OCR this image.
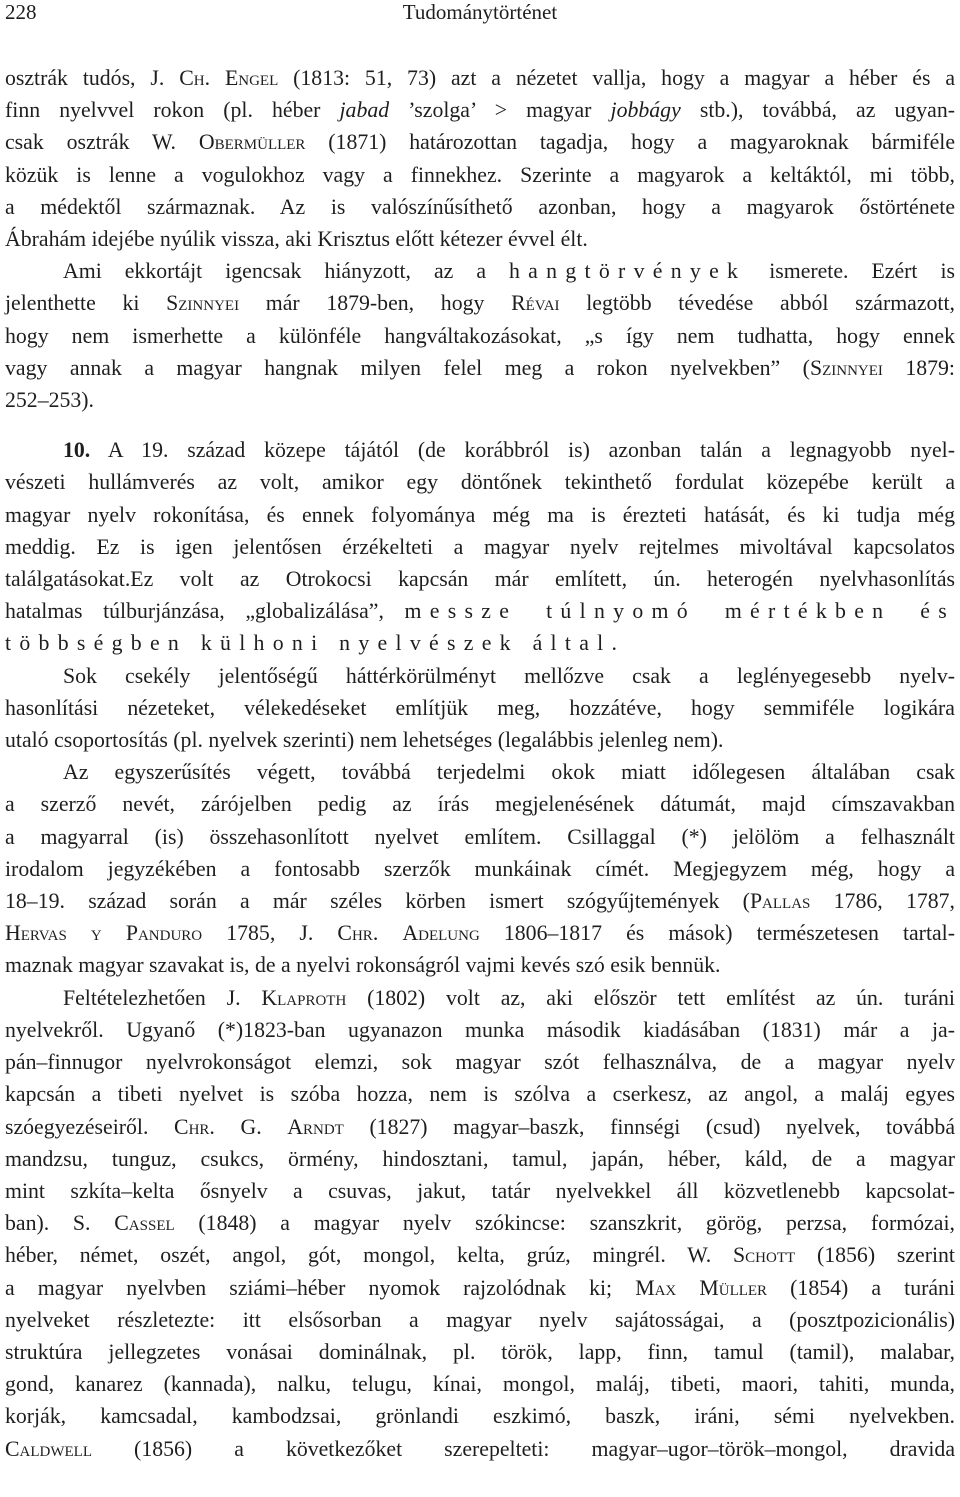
228	Tudománytörténet
osztrák tudós, J. Ch. Engel (1813: 51, 73) azt a nézetet vallja, hogy a magyar a héber és a
finn nyelvvel rokon (pl. héber jabad ’szolga’ > magyar jobbágy stb.), továbbá, az ugyan-
csak osztrák W. Obermüller (1871) határozottan tagadja, hogy a magyaroknak bármiféle
közük is lenne a vogulokhoz vagy a finnekhez. Szerinte a magyarok a keltáktól, mi több,
a médektől származnak. Az is valószínűsíthető azonban, hogy a magyarok őstörténete
Ábrahám idejébe nyúlik vissza, aki Krisztus előtt kétezer évvel élt.
Ami ekkortájt igencsak hiányzott, az a hangtörvények ismerete. Ezért is
jelenthette ki Szinnyei már 1879-ben, hogy Révai legtöbb tévedése abból származott,
hogy nem ismerhette a különféle hangváltakozásokat, „s így nem tudhatta, hogy ennek
vagy annak a magyar hangnak milyen felel meg a rokon nyelvekben” (Szinnyei 1879:
252–253).
10. A 19. század közepe tájától (de korábbról is) azonban talán a legnagyobb nyel-
vészeti hullámverés az volt, amikor egy döntőnek tekinthető fordulat közepébe került a
magyar nyelv rokonítása, és ennek folyománya még ma is érezteti hatását, és ki tudja még
meddig. Ez is igen jelentősen érzékelteti a magyar nyelv rejtelmes mivoltával kapcsolatos
találgatásokat.Ez volt az Otrokocsi kapcsán már említett, ún. heterogén nyelvhasonlítás
hatalmas túlburjánzása, „globalizálása”, messze túlnyomó mértékben és
többségben külhoni nyelvészek által.
Sok csekély jelentőségű háttérkörülményt mellőzve csak a leglényegesebb nyelv-
hasonlítási nézeteket, vélekedéseket említjük meg, hozzátéve, hogy semmiféle logikára
utaló csoportosítás (pl. nyelvek szerinti) nem lehetséges (legalábbis jelenleg nem).
Az egyszerűsítés végett, továbbá terjedelmi okok miatt időlegesen általában csak
a szerző nevét, zárójelben pedig az írás megjelenésének dátumát, majd címszavakban
a magyarral (is) összehasonlított nyelvet említem. Csillaggal (*) jelölöm a felhasznált
irodalom jegyzékében a fontosabb szerzők munkáinak címét. Megjegyzem még, hogy a
18–19. század során a már széles körben ismert szógyűjtemények (Pallas 1786, 1787,
Hervas y Panduro 1785, J. Chr. Adelung 1806–1817 és mások) természetesen tartal-
maznak magyar szavakat is, de a nyelvi rokonságról vajmi kevés szó esik bennük.
Feltételezhetően J. Klaproth (1802) volt az, aki először tett említést az ún. turáni
nyelvekről. Ugyanő (*)1823-ban ugyanazon munka második kiadásában (1831) már a ja-
pán–finnugor nyelvrokonságot elemzi, sok magyar szót felhasználva, de a magyar nyelv
kapcsán a tibeti nyelvet is szóba hozza, nem is szólva a cserkesz, az angol, a maláj egyes
szóegyezéseiről. Chr. G. Arndt (1827) magyar–baszk, finnségi (csud) nyelvek, továbbá
mandzsu, tunguz, csukcs, örmény, hindosztani, tamul, japán, héber, káld, de a magyar
mint szkíta–kelta ősnyelv a csuvas, jakut, tatár nyelvekkel áll közvetlenebb kapcsolat-
ban). S. Cassel (1848) a magyar nyelv szókincse: szanszkrit, görög, perzsa, formózai,
héber, német, oszét, angol, gót, mongol, kelta, grúz, mingrél. W. Schott (1856) szerint
a magyar nyelvben sziámi–héber nyomok rajzolódnak ki; Max Müller (1854) a turáni
nyelveket részletezte: itt elsősorban a magyar nyelv sajátosságai, a (posztpozicionális)
struktúra jellegzetes vonásai dominálnak, pl. török, lapp, finn, tamul (tamil), malabar,
gond, kanarez (kannada), nalku, telugu, kínai, mongol, maláj, tibeti, maori, tahiti, munda,
korják, kamcsadal, kambodzsai, grönlandi eszkimó, baszk, iráni, sémi nyelvekben.
Caldwell (1856) a következőket szerepelteti: magyar–ugor–török–mongol, dravida
